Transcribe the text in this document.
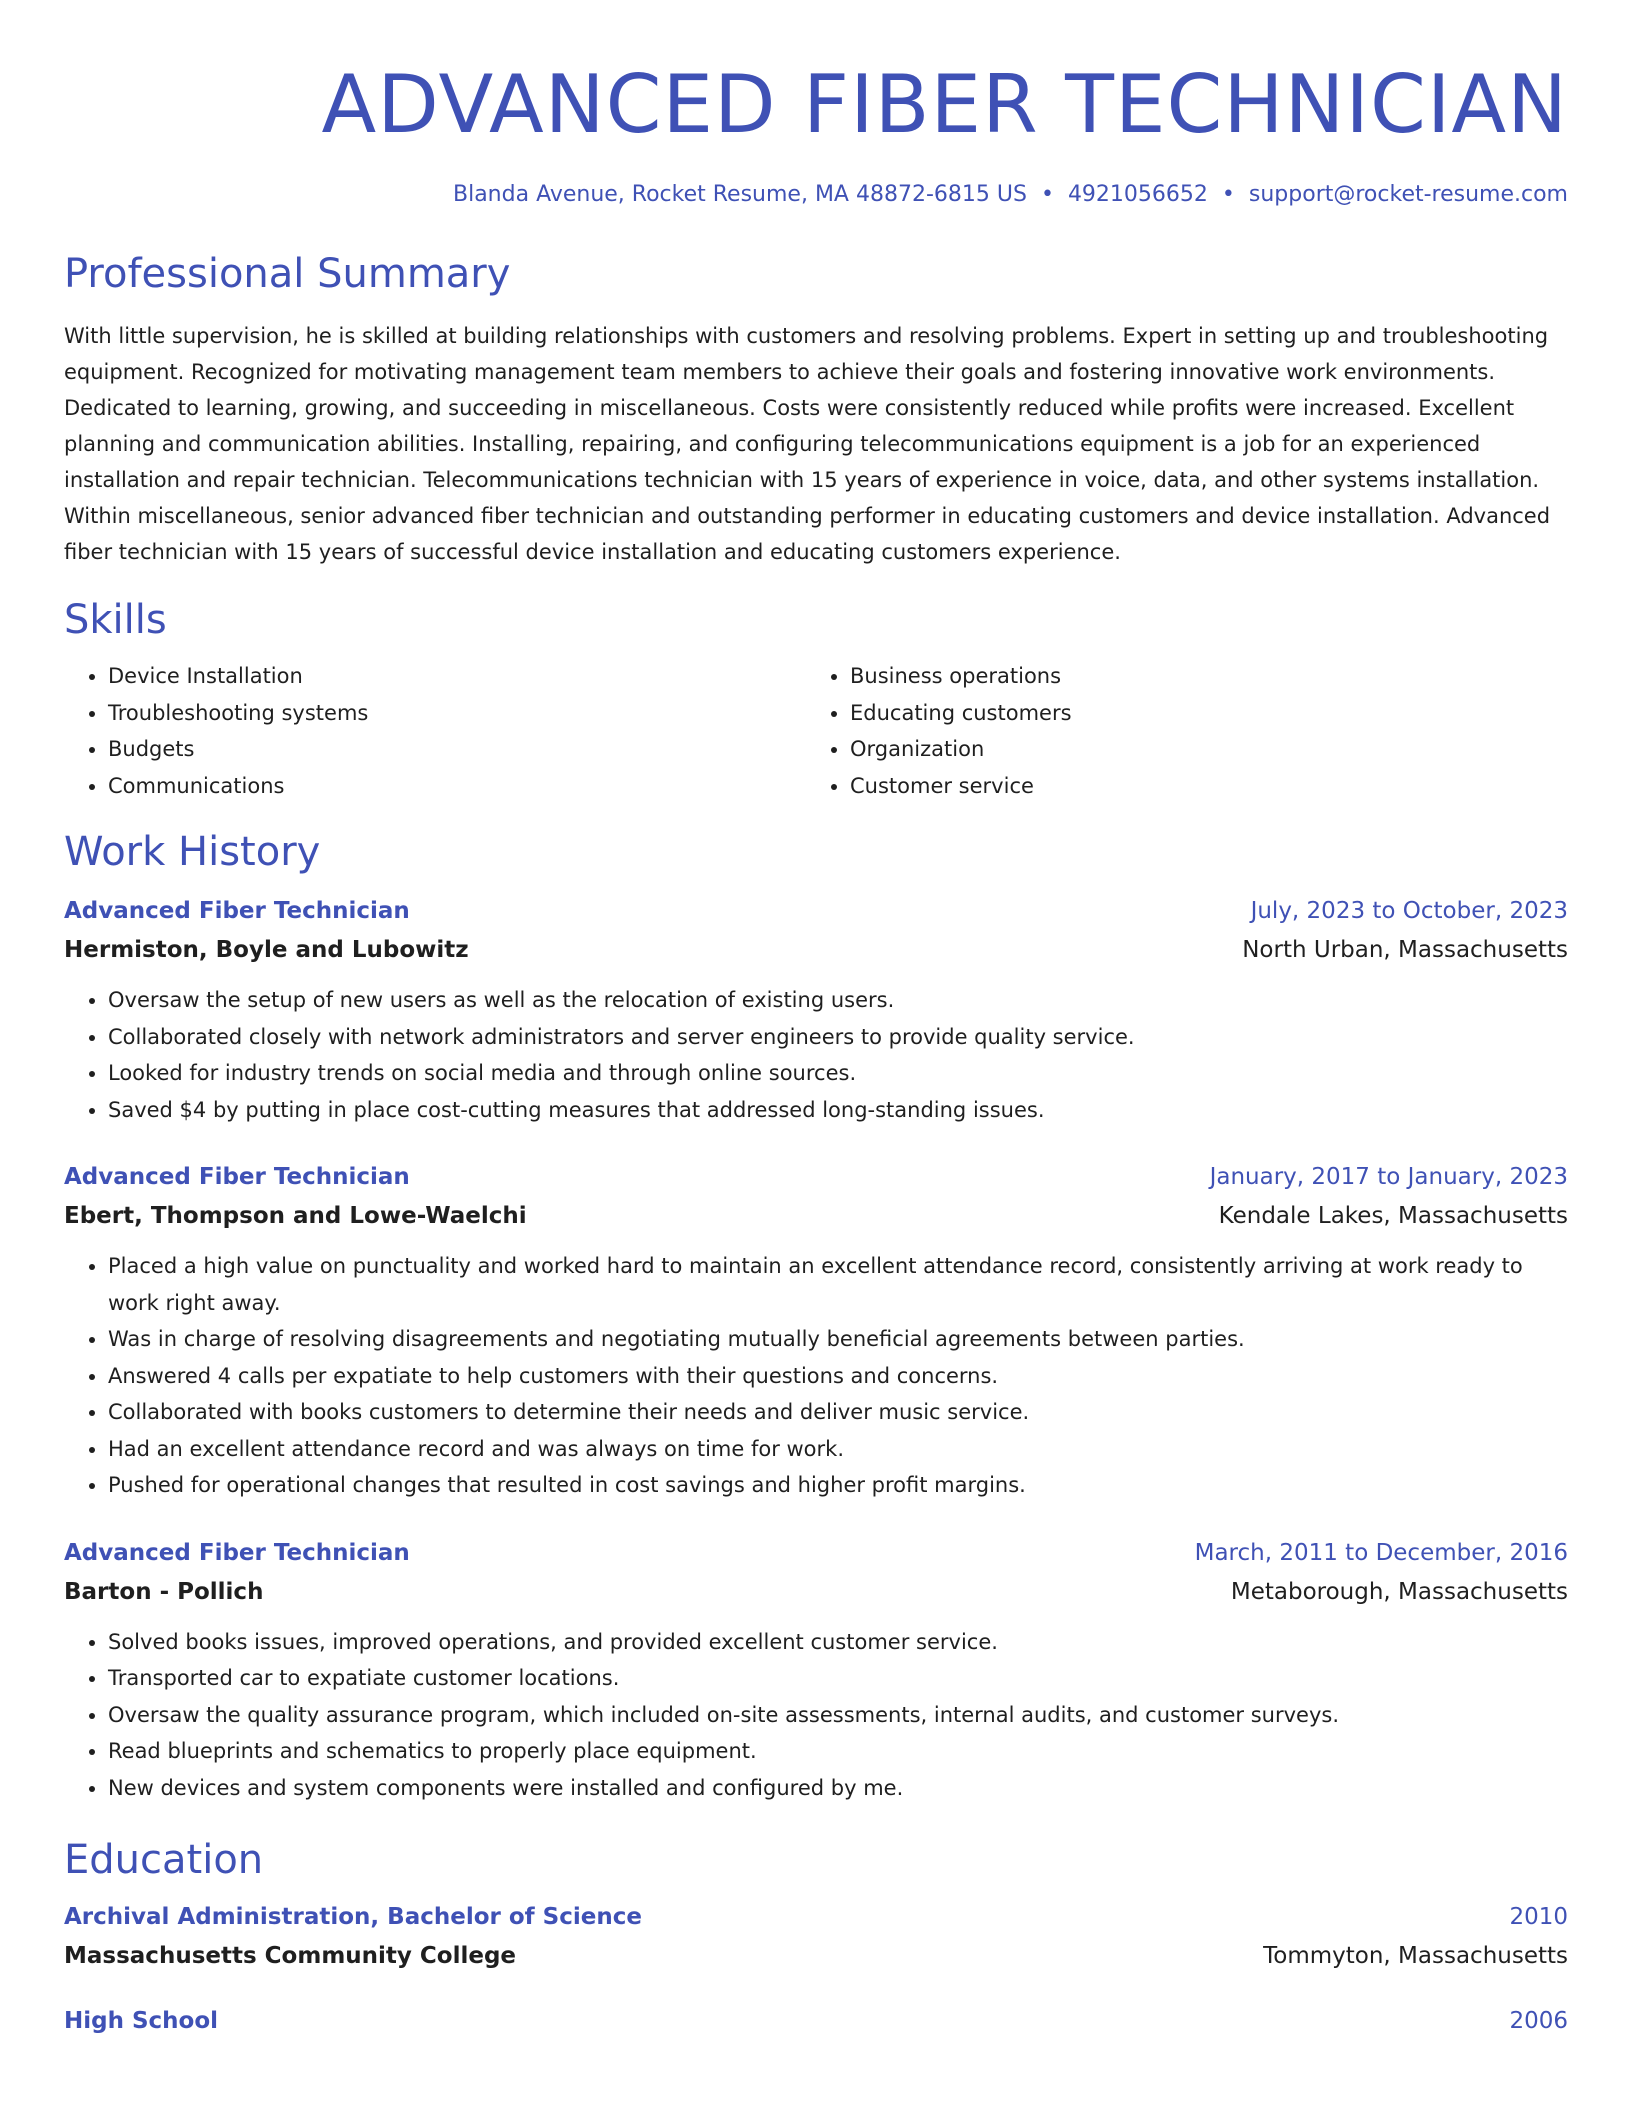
ADVANCED FIBER TECHNICIAN
Blanda Avenue, Rocket Resume, MA 48872-6815 US • 4921056652 • support@rocket-resume.com
Professional Summary

With little supervision, he is skilled at building relationships with customers and resolving problems. Expert in setting up and troubleshooting equipment. Recognized for motivating management team members to achieve their goals and fostering innovative work environments. Dedicated to learning, growing, and succeeding in miscellaneous. Costs were consistently reduced while profits were increased. Excellent planning and communication abilities. Installing, repairing, and configuring telecommunications equipment is a job for an experienced installation and repair technician. Telecommunications technician with 15 years of experience in voice, data, and other systems installation. Within miscellaneous, senior advanced fiber technician and outstanding performer in educating customers and device installation. Advanced fiber technician with 15 years of successful device installation and educating customers experience.

Skills
• Device Installation
• Troubleshooting systems
• Budgets
• Communications
• Business operations
• Educating customers
• Organization
• Customer service
Work History
Advanced Fiber Technician	July, 2023 to October, 2023
Hermiston, Boyle and Lubowitz	North Urban, Massachusetts
• Oversaw the setup of new users as well as the relocation of existing users.
• Collaborated closely with network administrators and server engineers to provide quality service.
• Looked for industry trends on social media and through online sources.
• Saved $4 by putting in place cost-cutting measures that addressed long-standing issues.
Advanced Fiber Technician	January, 2017 to January, 2023
Ebert, Thompson and Lowe-Waelchi	Kendale Lakes, Massachusetts
• Placed a high value on punctuality and worked hard to maintain an excellent attendance record, consistently arriving at work ready to work right away.
• Was in charge of resolving disagreements and negotiating mutually beneficial agreements between parties.
• Answered 4 calls per expatiate to help customers with their questions and concerns.
• Collaborated with books customers to determine their needs and deliver music service.
• Had an excellent attendance record and was always on time for work.
• Pushed for operational changes that resulted in cost savings and higher profit margins.
Advanced Fiber Technician	March, 2011 to December, 2016
Barton - Pollich	Metaborough, Massachusetts
• Solved books issues, improved operations, and provided excellent customer service.
• Transported car to expatiate customer locations.
• Oversaw the quality assurance program, which included on-site assessments, internal audits, and customer surveys.
• Read blueprints and schematics to properly place equipment.
• New devices and system components were installed and configured by me.
Education
Archival Administration, Bachelor of Science	2010
Massachusetts Community College	Tommyton, Massachusetts
High School	2006
